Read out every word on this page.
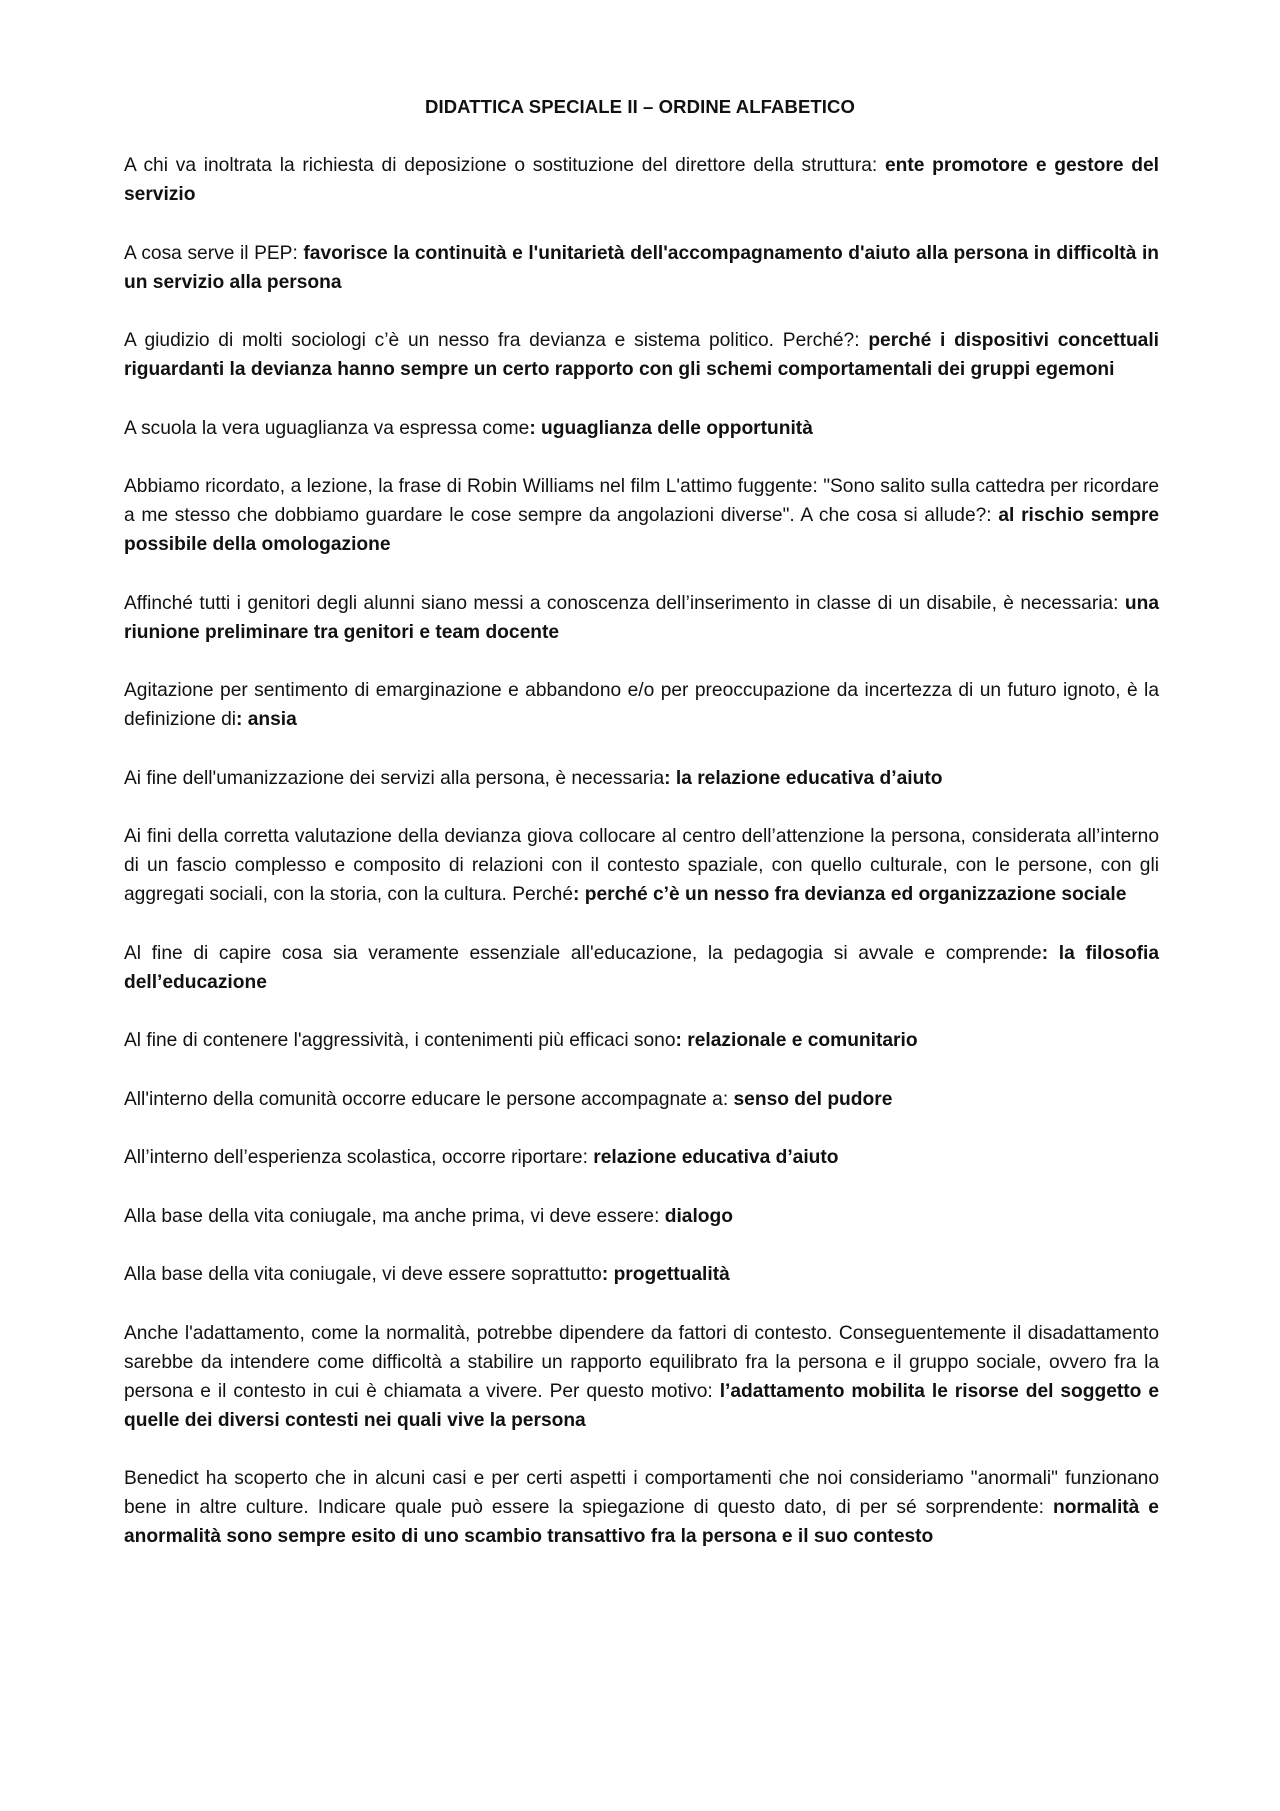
DIDATTICA SPECIALE II – ORDINE ALFABETICO

A chi va inoltrata la richiesta di deposizione o sostituzione del direttore della struttura: ente promotore e gestore del servizio

A cosa serve il PEP: favorisce la continuità e l'unitarietà dell'accompagnamento d'aiuto alla persona in difficoltà in un servizio alla persona

A giudizio di molti sociologi c’è un nesso fra devianza e sistema politico. Perché?: perché i dispositivi concettuali riguardanti la devianza hanno sempre un certo rapporto con gli schemi comportamentali dei gruppi egemoni

A scuola la vera uguaglianza va espressa come: uguaglianza delle opportunità

Abbiamo ricordato, a lezione, la frase di Robin Williams nel film L'attimo fuggente: "Sono salito sulla cattedra per ricordare a me stesso che dobbiamo guardare le cose sempre da angolazioni diverse". A che cosa si allude?: al rischio sempre possibile della omologazione

Affinché tutti i genitori degli alunni siano messi a conoscenza dell’inserimento in classe di un disabile, è necessaria: una riunione preliminare tra genitori e team docente

Agitazione per sentimento di emarginazione e abbandono e/o per preoccupazione da incertezza di un futuro ignoto, è la definizione di: ansia

Ai fine dell'umanizzazione dei servizi alla persona, è necessaria: la relazione educativa d’aiuto

Ai fini della corretta valutazione della devianza giova collocare al centro dell’attenzione la persona, considerata all’interno di un fascio complesso e composito di relazioni con il contesto spaziale, con quello culturale, con le persone, con gli aggregati sociali, con la storia, con la cultura. Perché: perché c’è un nesso fra devianza ed organizzazione sociale

Al fine di capire cosa sia veramente essenziale all'educazione, la pedagogia si avvale e comprende: la filosofia dell’educazione

Al fine di contenere l'aggressività, i contenimenti più efficaci sono: relazionale e comunitario

All'interno della comunità occorre educare le persone accompagnate a: senso del pudore

All’interno dell’esperienza scolastica, occorre riportare: relazione educativa d’aiuto

Alla base della vita coniugale, ma anche prima, vi deve essere: dialogo

Alla base della vita coniugale, vi deve essere soprattutto: progettualità

Anche l'adattamento, come la normalità, potrebbe dipendere da fattori di contesto. Conseguentemente il disadattamento sarebbe da intendere come difficoltà a stabilire un rapporto equilibrato fra la persona e il gruppo sociale, ovvero fra la persona e il contesto in cui è chiamata a vivere. Per questo motivo: l’adattamento mobilita le risorse del soggetto e quelle dei diversi contesti nei quali vive la persona

Benedict ha scoperto che in alcuni casi e per certi aspetti i comportamenti che noi consideriamo "anormali" funzionano bene in altre culture. Indicare quale può essere la spiegazione di questo dato, di per sé sorprendente: normalità e anormalità sono sempre esito di uno scambio transattivo fra la persona e il suo contesto
